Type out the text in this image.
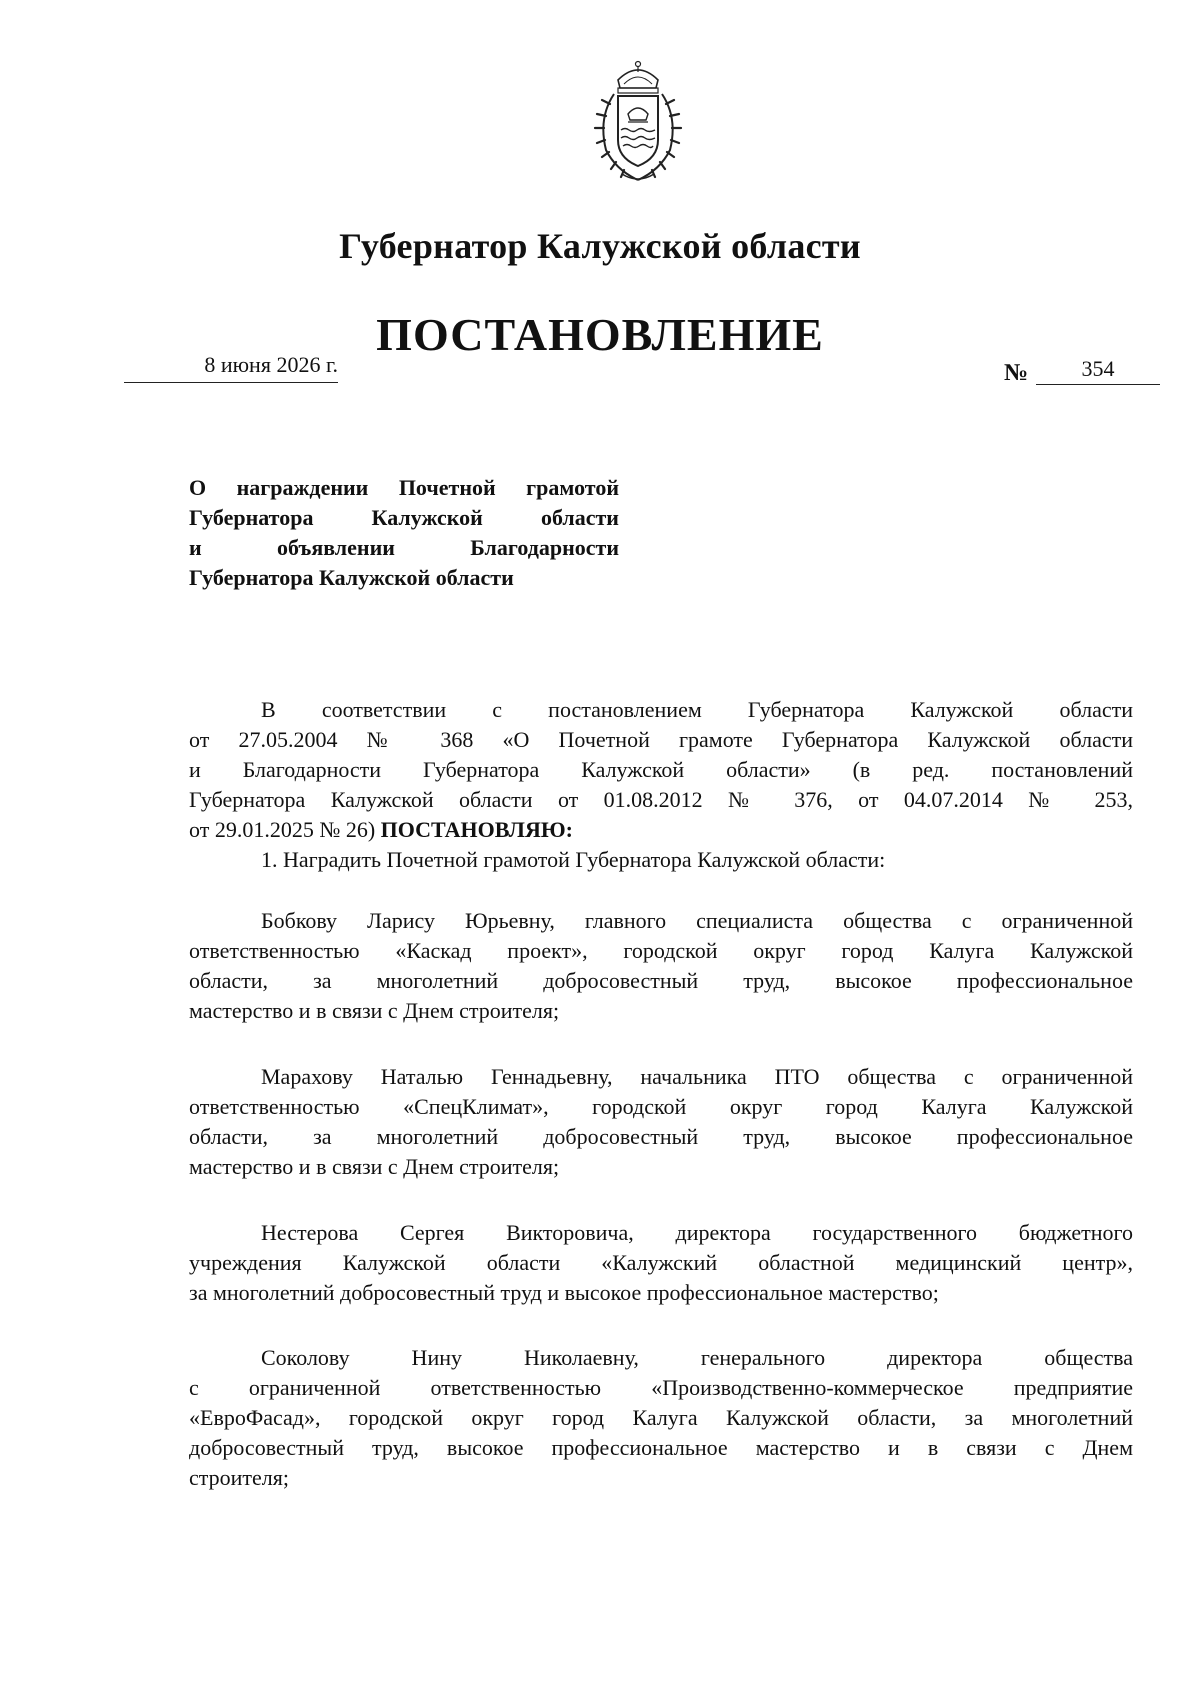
Губернатор Калужской области
ПОСТАНОВЛЕНИЕ
8 июня 2026 г.	№	354
О награждении Почетной грамотой
Губернатора Калужской области
и объявлении Благодарности
Губернатора Калужской области
В соответствии с постановлением Губернатора Калужской области
от 27.05.2004 № 368 «О Почетной грамоте Губернатора Калужской области
и Благодарности Губернатора Калужской области» (в ред. постановлений
Губернатора Калужской области от 01.08.2012 № 376, от 04.07.2014 № 253,
от 29.01.2025 № 26) ПОСТАНОВЛЯЮ:
1. Наградить Почетной грамотой Губернатора Калужской области:
Бобкову Ларису Юрьевну, главного специалиста общества с ограниченной
ответственностью «Каскад проект», городской округ город Калуга Калужской
области, за многолетний добросовестный труд, высокое профессиональное
мастерство и в связи с Днем строителя;
Марахову Наталью Геннадьевну, начальника ПТО общества с ограниченной
ответственностью «СпецКлимат», городской округ город Калуга Калужской
области, за многолетний добросовестный труд, высокое профессиональное
мастерство и в связи с Днем строителя;
Нестерова Сергея Викторовича, директора государственного бюджетного
учреждения Калужской области «Калужский областной медицинский центр»,
за многолетний добросовестный труд и высокое профессиональное мастерство;
Соколову Нину Николаевну, генерального директора общества
с ограниченной ответственностью «Производственно-коммерческое предприятие
«ЕвроФасад», городской округ город Калуга Калужской области, за многолетний
добросовестный труд, высокое профессиональное мастерство и в связи с Днем
строителя;
